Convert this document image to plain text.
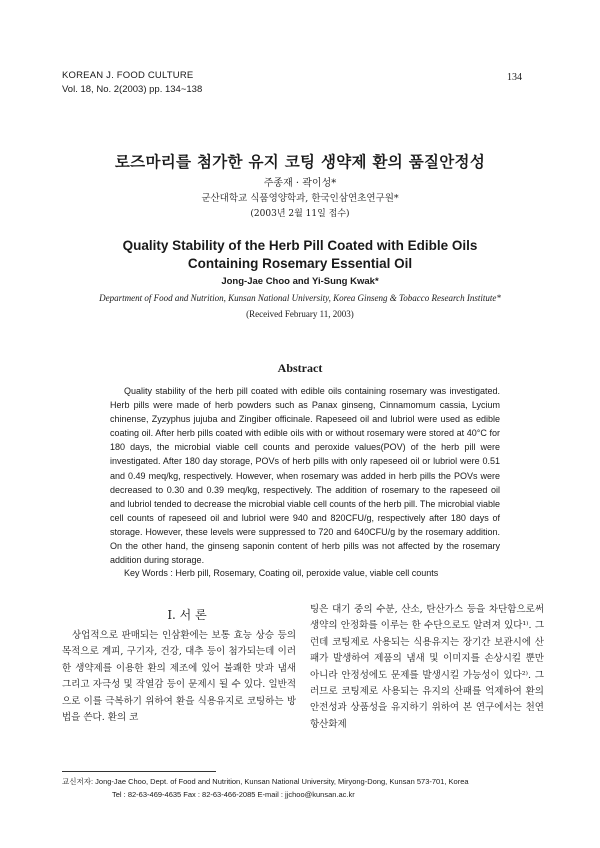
KOREAN J. FOOD CULTURE
Vol. 18, No. 2(2003) pp. 134~138
134
로즈마리를 첨가한 유지 코팅 생약제 환의 품질안정성
주종재 · 곽이성*
군산대학교 식품영양학과, 한국인삼연초연구원*
(2003년 2월 11일 접수)
Quality Stability of the Herb Pill Coated with Edible Oils
Containing Rosemary Essential Oil
Jong-Jae Choo and Yi-Sung Kwak*
Department of Food and Nutrition, Kunsan National University, Korea Ginseng & Tobacco Research Institute*
(Received February 11, 2003)
Abstract

Quality stability of the herb pill coated with edible oils containing rosemary was investigated. Herb pills were made of herb powders such as Panax ginseng, Cinnamomum cassia, Lycium chinense, Zyzyphus jujuba and Zingiber officinale. Rapeseed oil and lubriol were used as edible coating oil. After herb pills coated with edible oils with or without rosemary were stored at 40°C for 180 days, the microbial viable cell counts and peroxide values(POV) of the herb pill were investigated. After 180 day storage, POVs of herb pills with only rapeseed oil or lubriol were 0.51 and 0.49 meq/kg, respectively. However, when rosemary was added in herb pills the POVs were decreased to 0.30 and 0.39 meq/kg, respectively. The addition of rosemary to the rapeseed oil and lubriol tended to decrease the microbial viable cell counts of the herb pill. The microbial viable cell counts of rapeseed oil and lubriol were 940 and 820CFU/g, respectively after 180 days of storage. However, these levels were suppressed to 720 and 640CFU/g by the rosemary addition. On the other hand, the ginseng saponin content of herb pills was not affected by the rosemary addition during storage.

Key Words : Herb pill, Rosemary, Coating oil, peroxide value, viable cell counts
I. 서 론

상업적으로 판매되는 인삼환에는 보통 효능 상승 등의 목적으로 계피, 구기자, 건강, 대추 등이 첨가되는데 이러한 생약제를 이용한 환의 제조에 있어 불쾌한 맛과 냄새 그리고 자극성 및 작열감 등이 문제시 될 수 있다. 일반적으로 이를 극복하기 위하여 환을 식용유지로 코팅하는 방법을 쓴다. 환의 코

팅은 대기 중의 수분, 산소, 탄산가스 등을 차단함으로써 생약의 안정화를 이루는 한 수단으로도 알려져 있다¹⁾. 그런데 코팅제로 사용되는 식용유지는 장기간 보관시에 산패가 발생하여 제품의 냄새 및 이미지를 손상시킬 뿐만 아니라 안정성에도 문제를 발생시킬 가능성이 있다²⁾. 그러므로 코팅제로 사용되는 유지의 산패를 억제하여 환의 안전성과 상품성을 유지하기 위하여 본 연구에서는 천연항산화제

교신저자: Jong-Jae Choo, Dept. of Food and Nutrition, Kunsan National University, Miryong-Dong, Kunsan 573-701, Korea
Tel : 82-63-469-4635 Fax : 82-63-466-2085 E-mail : jjchoo@kunsan.ac.kr
